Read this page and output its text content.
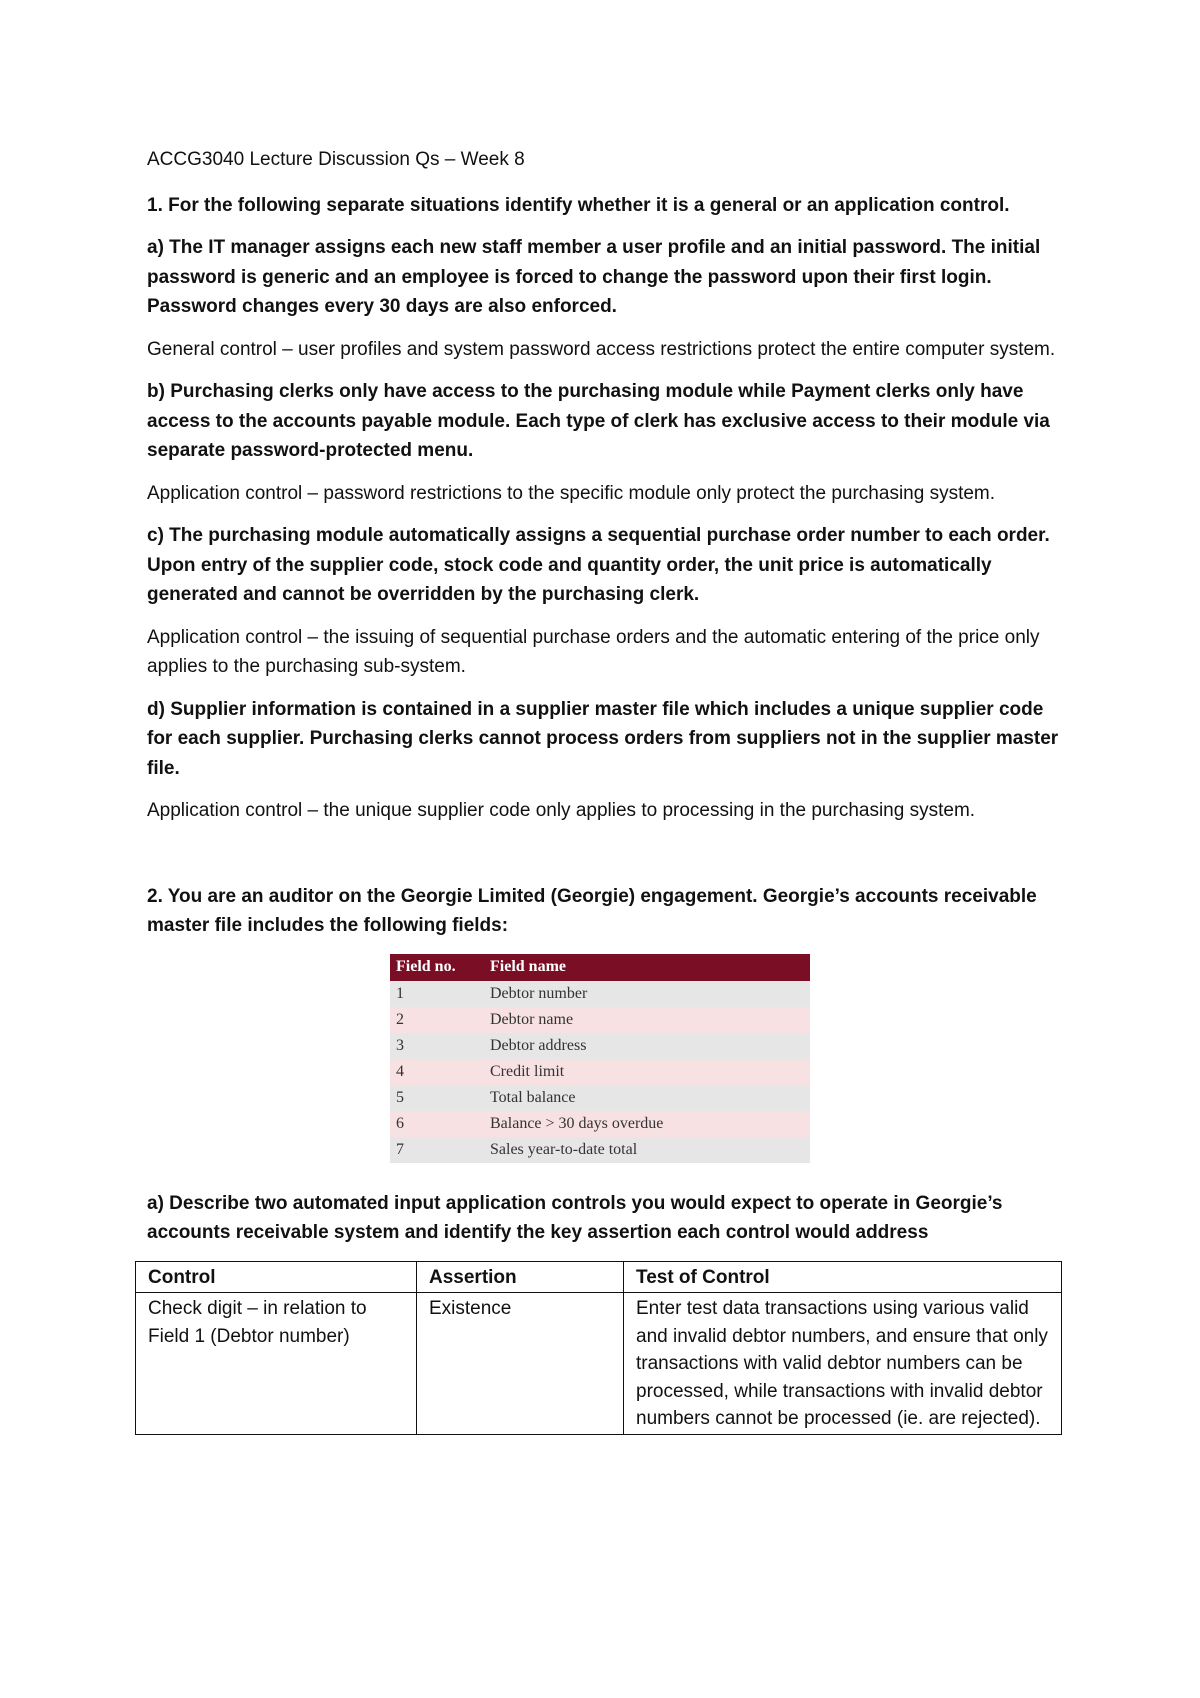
ACCG3040 Lecture Discussion Qs – Week 8

1. For the following separate situations identify whether it is a general or an application control.

a) The IT manager assigns each new staff member a user profile and an initial password. The initial password is generic and an employee is forced to change the password upon their first login. Password changes every 30 days are also enforced.

General control – user profiles and system password access restrictions protect the entire computer system.

b) Purchasing clerks only have access to the purchasing module while Payment clerks only have access to the accounts payable module. Each type of clerk has exclusive access to their module via separate password-protected menu.

Application control – password restrictions to the specific module only protect the purchasing system.

c) The purchasing module automatically assigns a sequential purchase order number to each order. Upon entry of the supplier code, stock code and quantity order, the unit price is automatically generated and cannot be overridden by the purchasing clerk.

Application control – the issuing of sequential purchase orders and the automatic entering of the price only applies to the purchasing sub-system.

d) Supplier information is contained in a supplier master file which includes a unique supplier code for each supplier. Purchasing clerks cannot process orders from suppliers not in the supplier master file.

Application control – the unique supplier code only applies to processing in the purchasing system.

2. You are an auditor on the Georgie Limited (Georgie) engagement. Georgie’s accounts receivable master file includes the following fields:

Field no.	Field name
1	Debtor number
2	Debtor name
3	Debtor address
4	Credit limit
5	Total balance
6	Balance > 30 days overdue
7	Sales year-to-date total

a) Describe two automated input application controls you would expect to operate in Georgie’s accounts receivable system and identify the key assertion each control would address

Control	Assertion	Test of Control
Check digit – in relation to Field 1 (Debtor number)	Existence	Enter test data transactions using various valid and invalid debtor numbers, and ensure that only transactions with valid debtor numbers can be processed, while transactions with invalid debtor numbers cannot be processed (ie. are rejected).
